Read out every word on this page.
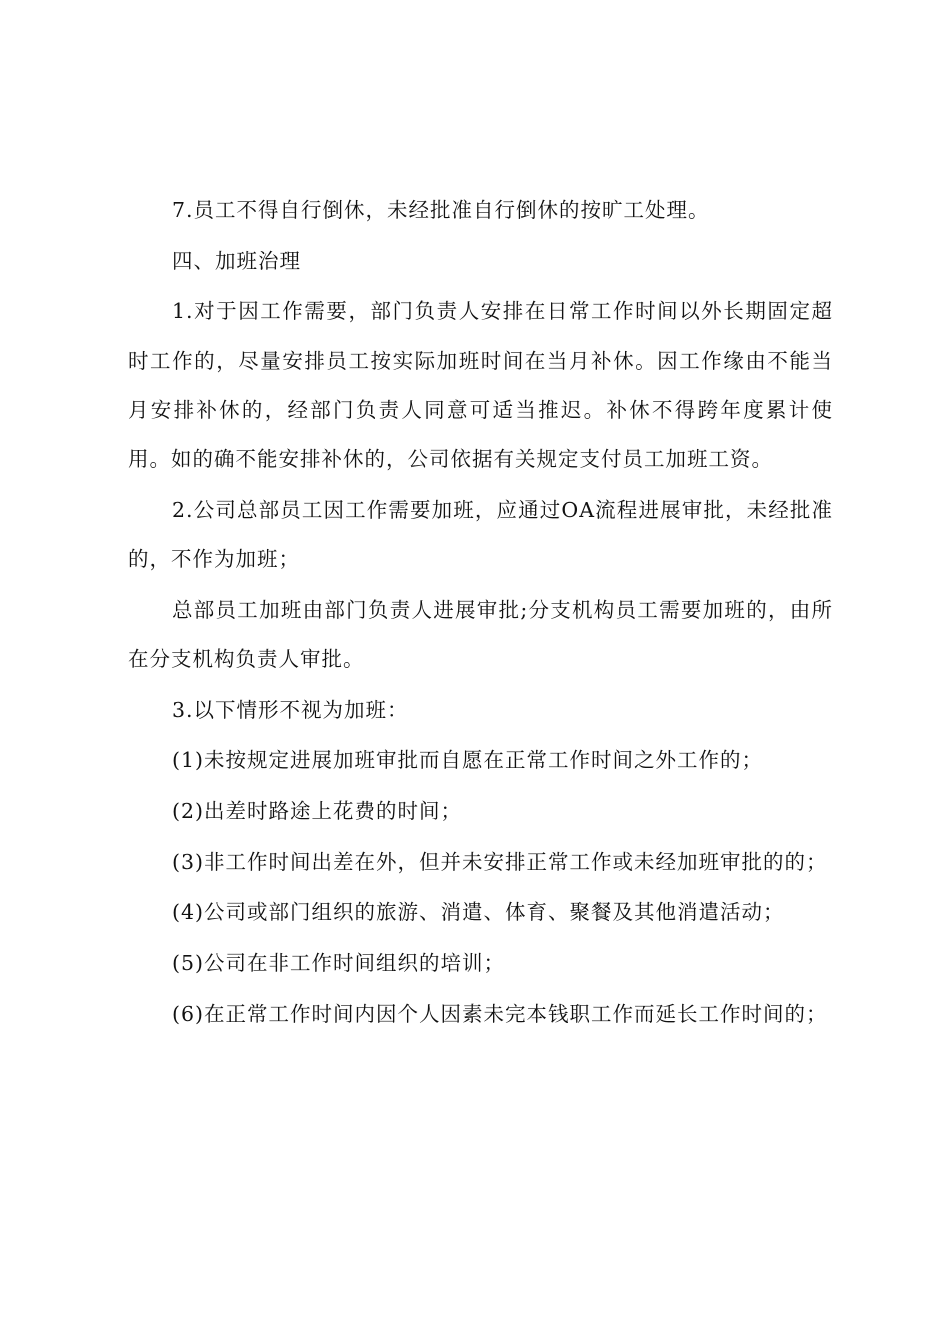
7.员工不得自行倒休，未经批准自行倒休的按旷工处理。

四、加班治理

1.对于因工作需要，部门负责人安排在日常工作时间以外长期固定超时工作的，尽量安排员工按实际加班时间在当月补休。因工作缘由不能当月安排补休的，经部门负责人同意可适当推迟。补休不得跨年度累计使用。如的确不能安排补休的，公司依据有关规定支付员工加班工资。

2.公司总部员工因工作需要加班，应通过OA流程进展审批，未经批准的，不作为加班；

总部员工加班由部门负责人进展审批;分支机构员工需要加班的，由所在分支机构负责人审批。

3.以下情形不视为加班：

(1)未按规定进展加班审批而自愿在正常工作时间之外工作的；

(2)出差时路途上花费的时间；

(3)非工作时间出差在外，但并未安排正常工作或未经加班审批的的；

(4)公司或部门组织的旅游、消遣、体育、聚餐及其他消遣活动；

(5)公司在非工作时间组织的培训；

(6)在正常工作时间内因个人因素未完本钱职工作而延长工作时间的；
